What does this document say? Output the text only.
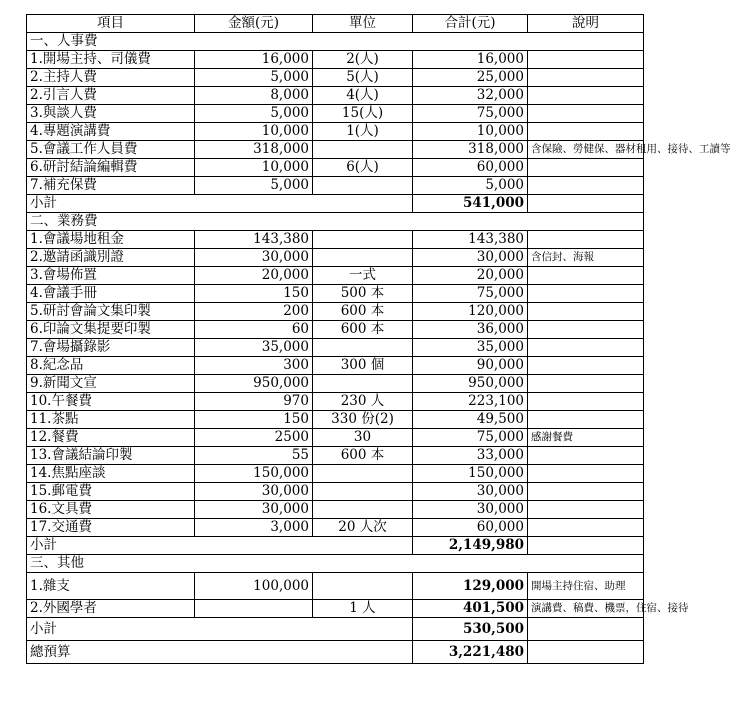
項目	金額(元)	單位	合計(元)	說明
一、人事費				
1.開場主持、司儀費	16,000	2(人)	16,000	
2.主持人費	5,000	5(人)	25,000	
2.引言人費	8,000	4(人)	32,000	
3.與談人費	5,000	15(人)	75,000	
4.專題演講費	10,000	1(人)	10,000	
5.會議工作人員費	318,000		318,000	含保險、勞健保、器材租用、接待、工讀等
6.研討結論編輯費	10,000	6(人)	60,000	
7.補充保費	5,000		5,000	
小計			541,000	
二、業務費				
1.會議場地租金	143,380		143,380	
2.邀請函識別證	30,000		30,000	含信封、海報
3.會場佈置	20,000	一式	20,000	
4.會議手冊	150	500 本	75,000	
5.研討會論文集印製	200	600 本	120,000	
6.印論文集提要印製	60	600 本	36,000	
7.會場攝錄影	35,000		35,000	
8.紀念品	300	300 個	90,000	
9.新聞文宣	950,000		950,000	
10.午餐費	970	230 人	223,100	
11.茶點	150	330 份(2)	49,500	
12.餐費	2500	30	75,000	感謝餐費
13.會議結論印製	55	600 本	33,000	
14.焦點座談	150,000		150,000	
15.郵電費	30,000		30,000	
16.文具費	30,000		30,000	
17.交通費	3,000	20 人次	60,000	
小計			2,149,980	
三、其他				
1.雜支	100,000		129,000	開場主持住宿、助理
2.外國學者		1 人	401,500	演講費、稿費、機票，住宿、接待
小計			530,500	
總預算			3,221,480	
